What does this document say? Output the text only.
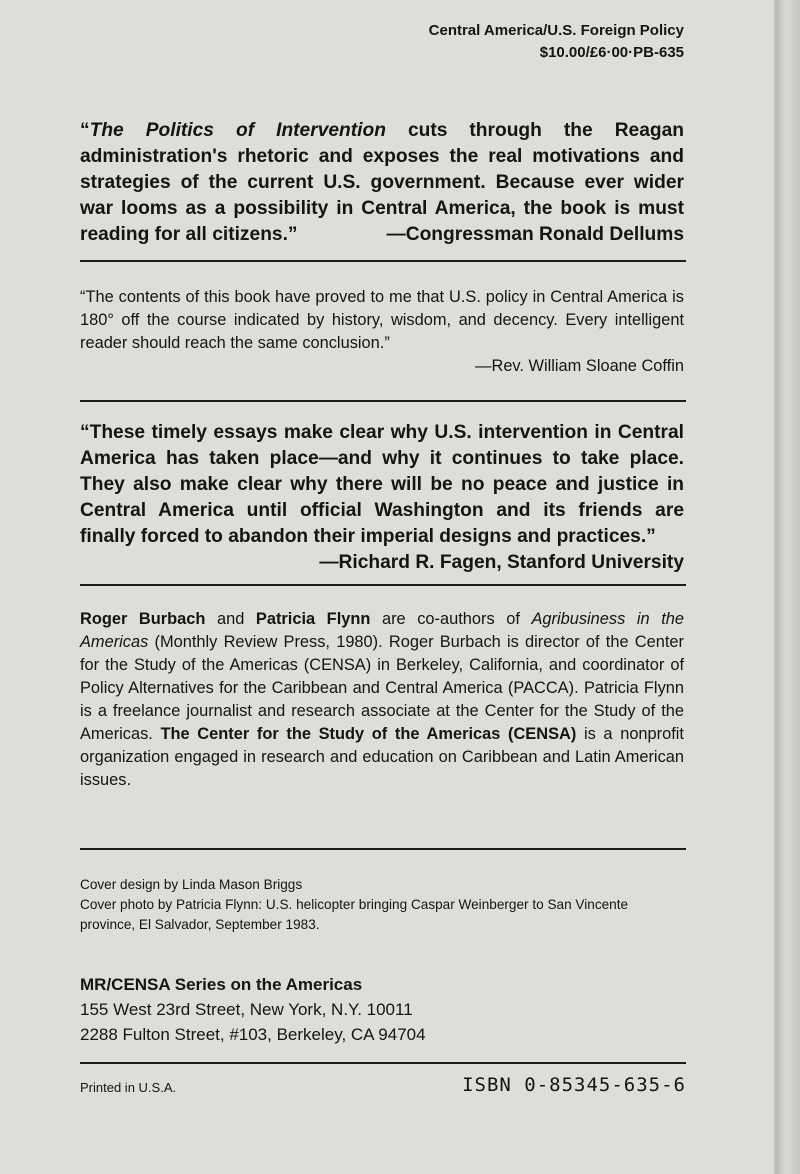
Central America/U.S. Foreign Policy
$10.00/£6·00·PB-635
“The Politics of Intervention cuts through the Reagan administration's rhetoric and exposes the real motivations and strategies of the current U.S. government. Because ever wider war looms as a possibility in Central America, the book is must reading for all citizens.”	—Congressman Ronald Dellums
“The contents of this book have proved to me that U.S. policy in Central America is 180° off the course indicated by history, wisdom, and decency. Every intelligent reader should reach the same conclusion.”
—Rev. William Sloane Coffin
“These timely essays make clear why U.S. intervention in Central America has taken place—and why it continues to take place. They also make clear why there will be no peace and justice in Central America until official Washington and its friends are finally forced to abandon their imperial designs and practices.”
—Richard R. Fagen, Stanford University
Roger Burbach and Patricia Flynn are co-authors of Agribusiness in the Americas (Monthly Review Press, 1980). Roger Burbach is director of the Center for the Study of the Americas (CENSA) in Berkeley, California, and coordinator of Policy Alternatives for the Caribbean and Central America (PACCA). Patricia Flynn is a freelance journalist and research associate at the Center for the Study of the Americas. The Center for the Study of the Americas (CENSA) is a nonprofit organization engaged in research and education on Caribbean and Latin American issues.
Cover design by Linda Mason Briggs
Cover photo by Patricia Flynn: U.S. helicopter bringing Caspar Weinberger to San Vincente province, El Salvador, September 1983.
MR/CENSA Series on the Americas
155 West 23rd Street, New York, N.Y. 10011
2288 Fulton Street, #103, Berkeley, CA 94704
Printed in U.S.A.	ISBN 0-85345-635-6
